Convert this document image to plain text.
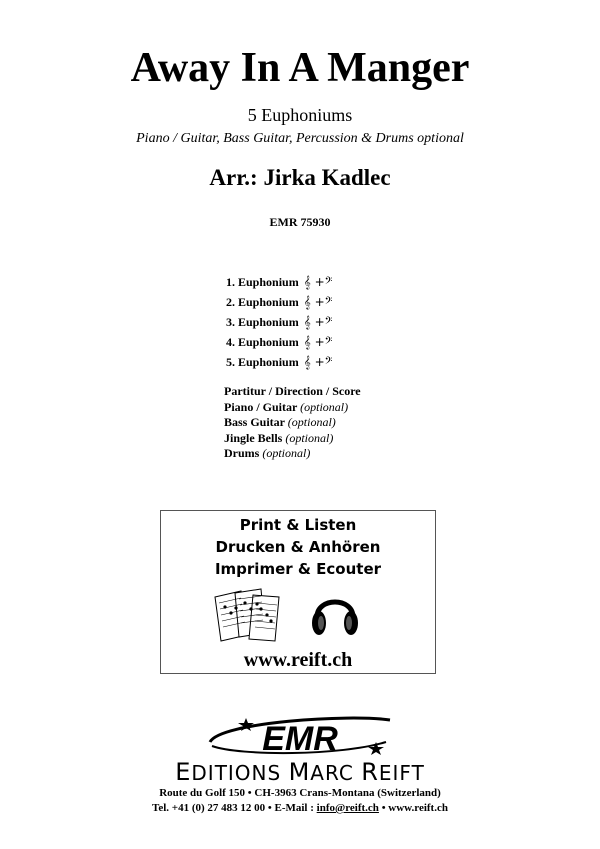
Away In A Manger
5 Euphoniums
Piano / Guitar, Bass Guitar, Percussion & Drums optional
Arr.: Jirka Kadlec
EMR 75930
1. Euphonium 𝄞 +𝄢
2. Euphonium 𝄞 +𝄢
3. Euphonium 𝄞 +𝄢
4. Euphonium 𝄞 +𝄢
5. Euphonium 𝄞 +𝄢
Partitur / Direction / Score
Piano / Guitar (optional)
Bass Guitar (optional)
Jingle Bells (optional)
Drums (optional)
Print & Listen
Drucken & Anhören
Imprimer & Ecouter
www.reift.ch
EMR
EDITIONS MARC REIFT
Route du Golf 150 • CH-3963 Crans-Montana (Switzerland)
Tel. +41 (0) 27 483 12 00 • E-Mail : info@reift.ch • www.reift.ch
